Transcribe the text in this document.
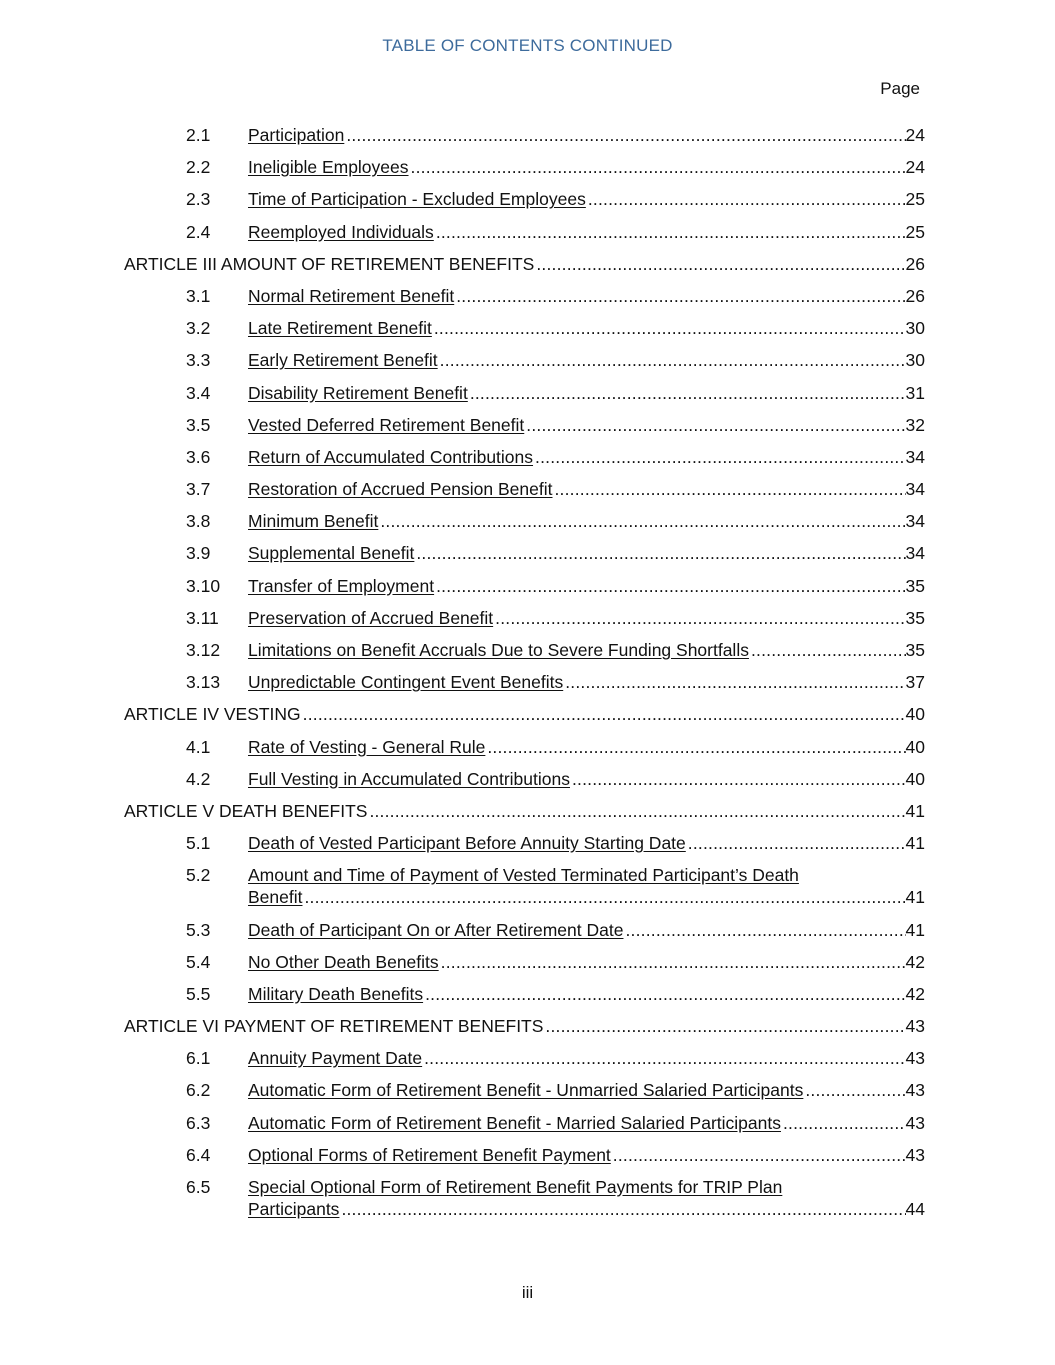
TABLE OF CONTENTS CONTINUED
Page
2.1 Participation .....	24
2.2 Ineligible Employees .....	24
2.3 Time of Participation - Excluded Employees .....	25
2.4 Reemployed Individuals .....	25
ARTICLE III AMOUNT OF RETIREMENT BENEFITS .....	26
3.1 Normal Retirement Benefit .....	26
3.2 Late Retirement Benefit .....	30
3.3 Early Retirement Benefit .....	30
3.4 Disability Retirement Benefit .....	31
3.5 Vested Deferred Retirement Benefit .....	32
3.6 Return of Accumulated Contributions .....	34
3.7 Restoration of Accrued Pension Benefit .....	34
3.8 Minimum Benefit .....	34
3.9 Supplemental Benefit .....	34
3.10 Transfer of Employment .....	35
3.11 Preservation of Accrued Benefit .....	35
3.12 Limitations on Benefit Accruals Due to Severe Funding Shortfalls .....	35
3.13 Unpredictable Contingent Event Benefits .....	37
ARTICLE IV VESTING .....	40
4.1 Rate of Vesting - General Rule .....	40
4.2 Full Vesting in Accumulated Contributions .....	40
ARTICLE V DEATH BENEFITS .....	41
5.1 Death of Vested Participant Before Annuity Starting Date .....	41
5.2 Amount and Time of Payment of Vested Terminated Participant’s Death
Benefit .....	41
5.3 Death of Participant On or After Retirement Date .....	41
5.4 No Other Death Benefits .....	42
5.5 Military Death Benefits .....	42
ARTICLE VI PAYMENT OF RETIREMENT BENEFITS .....	43
6.1 Annuity Payment Date .....	43
6.2 Automatic Form of Retirement Benefit - Unmarried Salaried Participants .....	43
6.3 Automatic Form of Retirement Benefit - Married Salaried Participants .....	43
6.4 Optional Forms of Retirement Benefit Payment .....	43
6.5 Special Optional Form of Retirement Benefit Payments for TRIP Plan
Participants .....	44
iii
